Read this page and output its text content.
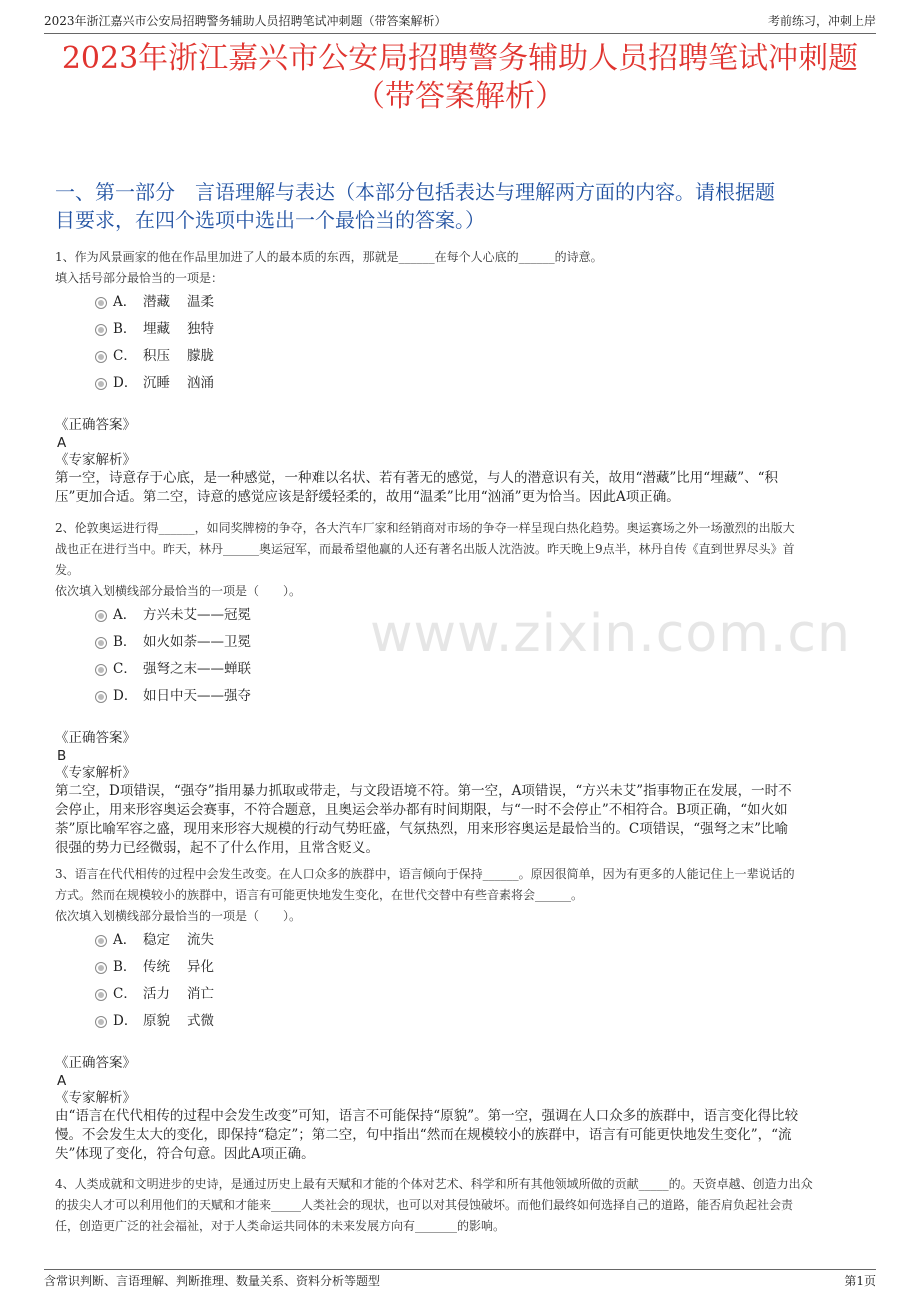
2023年浙江嘉兴市公安局招聘警务辅助人员招聘笔试冲刺题（带答案解析）	考前练习，冲刺上岸
2023年浙江嘉兴市公安局招聘警务辅助人员招聘笔试冲刺题
（带答案解析）
一、第一部分　言语理解与表达（本部分包括表达与理解两方面的内容。请根据题
目要求，在四个选项中选出一个最恰当的答案。）
www.zixin.com.cn
1、作为风景画家的他在作品里加进了人的最本质的东西，那就是______在每个人心底的______的诗意。
填入括号部分最恰当的一项是：
A． 潜藏 温柔
B． 埋藏 独特
C． 积压 朦胧
D． 沉睡 汹涌
《正确答案》
A
《专家解析》
第一空，诗意存于心底，是一种感觉，一种难以名状、若有著无的感觉，与人的潜意识有关，故用“潜藏”比用“埋藏”、“积
压”更加合适。第二空，诗意的感觉应该是舒缓轻柔的，故用“温柔”比用“汹涌”更为恰当。因此A项正确。
2、伦敦奥运进行得______，如同奖牌榜的争夺，各大汽车厂家和经销商对市场的争夺一样呈现白热化趋势。奥运赛场之外一场激烈的出版大
战也正在进行当中。昨天，林丹______奥运冠军，而最希望他赢的人还有著名出版人沈浩波。昨天晚上9点半，林丹自传《直到世界尽头》首
发。
依次填入划横线部分最恰当的一项是（　　）。
A． 方兴未艾——冠冕
B． 如火如荼——卫冕
C． 强弩之末——蝉联
D． 如日中天——强夺
《正确答案》
B
《专家解析》
第二空，D项错误，“强夺”指用暴力抓取或带走，与文段语境不符。第一空，A项错误，“方兴未艾”指事物正在发展，一时不
会停止，用来形容奥运会赛事，不符合题意，且奥运会举办都有时间期限，与“一时不会停止”不相符合。B项正确，“如火如
荼”原比喻军容之盛，现用来形容大规模的行动气势旺盛，气氛热烈，用来形容奥运是最恰当的。C项错误，“强弩之末”比喻
很强的势力已经微弱，起不了什么作用，且常含贬义。
3、语言在代代相传的过程中会发生改变。在人口众多的族群中，语言倾向于保持______。原因很简单，因为有更多的人能记住上一辈说话的
方式。然而在规模较小的族群中，语言有可能更快地发生变化，在世代交替中有些音素将会______。
依次填入划横线部分最恰当的一项是（　　）。
A． 稳定 流失
B． 传统 异化
C． 活力 消亡
D． 原貌 式微
《正确答案》
A
《专家解析》
由“语言在代代相传的过程中会发生改变”可知，语言不可能保持“原貌”。第一空，强调在人口众多的族群中，语言变化得比较
慢。不会发生太大的变化，即保持“稳定”；第二空，句中指出“然而在规模较小的族群中，语言有可能更快地发生变化”，“流
失”体现了变化，符合句意。因此A项正确。
4、人类成就和文明进步的史诗，是通过历史上最有天赋和才能的个体对艺术、科学和所有其他领域所做的贡献_____的。天资卓越、创造力出众
的拔尖人才可以利用他们的天赋和才能来_____人类社会的现状，也可以对其侵蚀破坏。而他们最终如何选择自己的道路，能否肩负起社会责
任，创造更广泛的社会福祉，对于人类命运共同体的未来发展方向有_______的影响。
含常识判断、言语理解、判断推理、数量关系、资料分析等题型	第1页
